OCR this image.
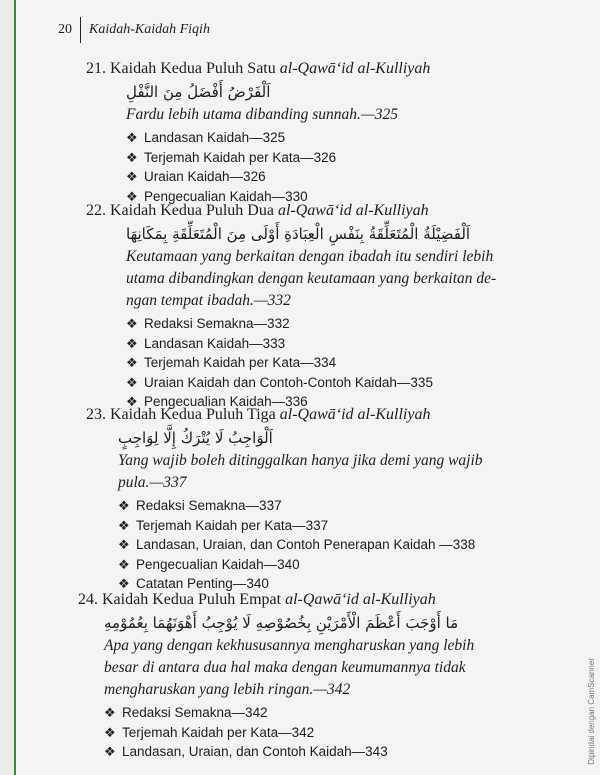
20 Kaidah-Kaidah Fiqih
21. Kaidah Kedua Puluh Satu al-Qawā‘id al-Kulliyah
اَلْفَرْضُ أَفْضَلُ مِنَ النَّفْلِ
Fardu lebih utama dibanding sunnah.—325
❖ Landasan Kaidah—325
❖ Terjemah Kaidah per Kata—326
❖ Uraian Kaidah—326
❖ Pengecualian Kaidah—330
22. Kaidah Kedua Puluh Dua al-Qawā‘id al-Kulliyah
اَلْفَضِيْلَةُ الْمُتَعَلِّقَةُ بِنَفْسِ الْعِبَادَةِ أَوْلَى مِنَ الْمُتَعَلِّقَةِ بِمَكَانِهَا
Keutamaan yang berkaitan dengan ibadah itu sendiri lebih
utama dibandingkan dengan keutamaan yang berkaitan de-
ngan tempat ibadah.—332
❖ Redaksi Semakna—332
❖ Landasan Kaidah—333
❖ Terjemah Kaidah per Kata—334
❖ Uraian Kaidah dan Contoh-Contoh Kaidah—335
❖ Pengecualian Kaidah—336
23. Kaidah Kedua Puluh Tiga al-Qawā‘id al-Kulliyah
اَلْوَاجِبُ لَا يُتْرَكُ إِلَّا لِوَاجِبٍ
Yang wajib boleh ditinggalkan hanya jika demi yang wajib
pula.—337
❖ Redaksi Semakna—337
❖ Terjemah Kaidah per Kata—337
❖ Landasan, Uraian, dan Contoh Penerapan Kaidah —338
❖ Pengecualian Kaidah—340
❖ Catatan Penting—340
24. Kaidah Kedua Puluh Empat al-Qawā‘id al-Kulliyah
مَا أَوْجَبَ أَعْظَمَ الْأَمْرَيْنِ بِخُصُوْصِهِ لَا يُوْجِبُ أَهْوَنَهُمَا بِعُمُوْمِهِ
Apa yang dengan kekhususannya mengharuskan yang lebih
besar di antara dua hal maka dengan keumumannya tidak
mengharuskan yang lebih ringan.—342
❖ Redaksi Semakna—342
❖ Terjemah Kaidah per Kata—342
❖ Landasan, Uraian, dan Contoh Kaidah—343	Dipindai dengan CamScanner
